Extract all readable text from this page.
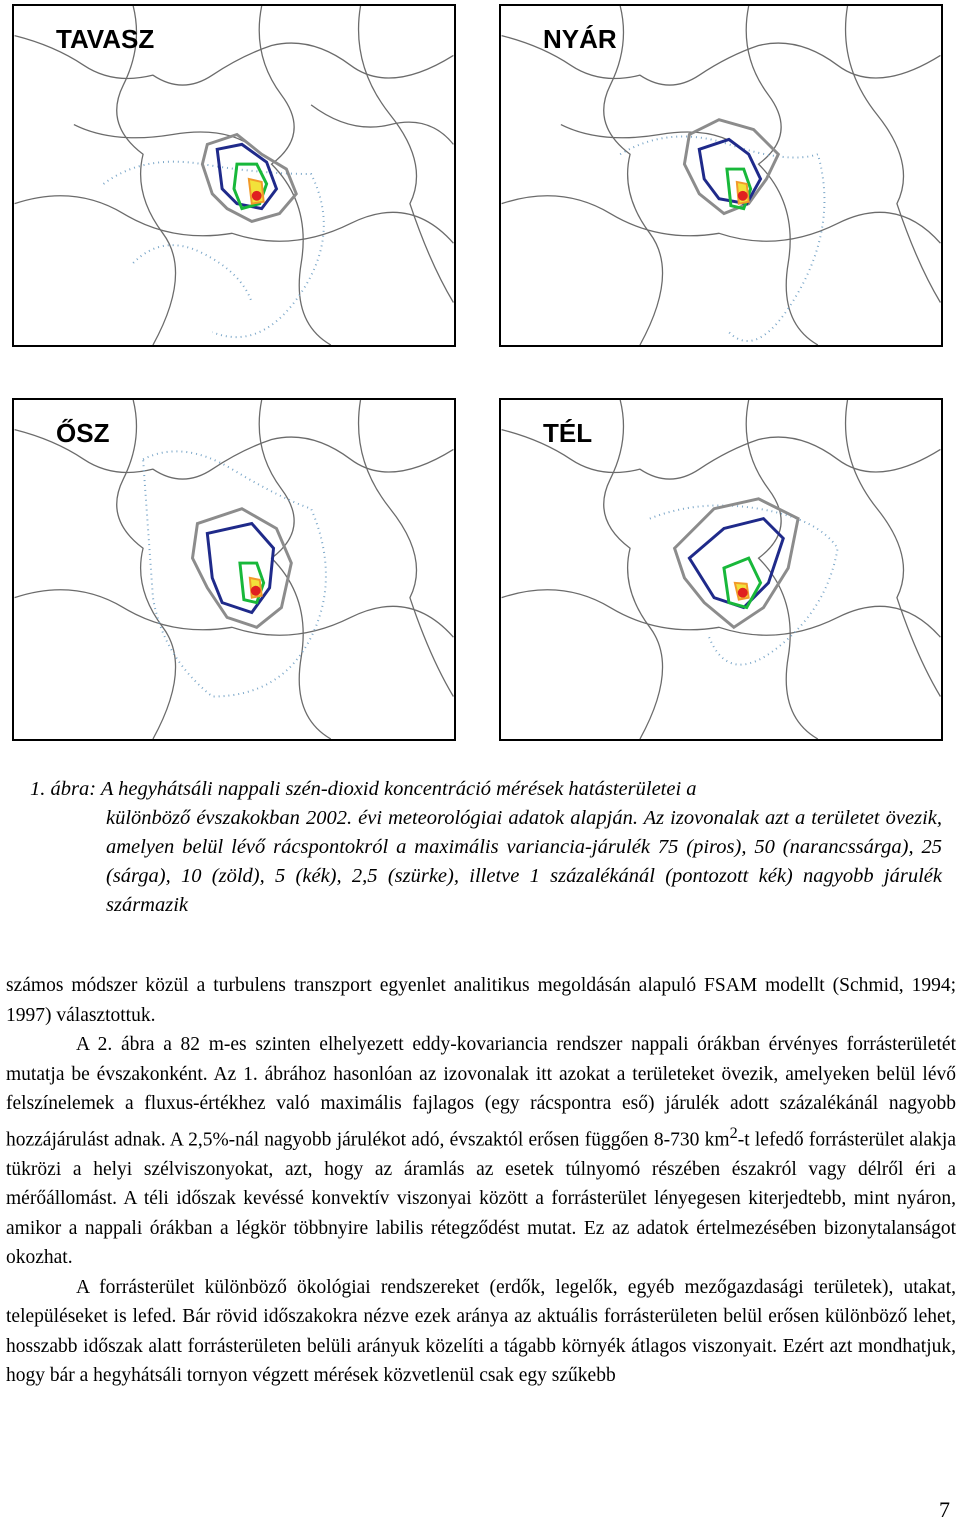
TAVASZ	NYÁR
ŐSZ	TÉL
1. ábra: A hegyhátsáli nappali szén-dioxid koncentráció mérések hatásterületei a
különböző évszakokban 2002. évi meteorológiai adatok alapján. Az izovonalak azt a területet övezik, amelyen belül lévő rácspontokról a maximális variancia-járulék 75 (piros), 50 (narancssárga), 25 (sárga), 10 (zöld), 5 (kék), 2,5 (szürke), illetve 1 százalékánál (pontozott kék) nagyobb járulék származik

számos módszer közül a turbulens transzport egyenlet analitikus megoldásán alapuló FSAM modellt (Schmid, 1994; 1997) választottuk.

A 2. ábra a 82 m-es szinten elhelyezett eddy-kovariancia rendszer nappali órákban érvényes forrásterületét mutatja be évszakonként. Az 1. ábrához hasonlóan az izovonalak itt azokat a területeket övezik, amelyeken belül lévő felszínelemek a fluxus-értékhez való maximális fajlagos (egy rácspontra eső) járulék adott százalékánál nagyobb hozzájárulást adnak. A 2,5%-nál nagyobb járulékot adó, évszaktól erősen függően 8-730 $km^2-t$ lefedő forrásterület alakja tükrözi a helyi szélviszonyokat, azt, hogy az áramlás az esetek túlnyomó részében északról vagy délről éri a mérőállomást. A téli időszak kevéssé konvektív viszonyai között a forrásterület lényegesen kiterjedtebb, mint nyáron, amikor a nappali órákban a légkör többnyire labilis rétegződést mutat. Ez az adatok értelmezésében bizonytalanságot okozhat.

A forrásterület különböző ökológiai rendszereket (erdők, legelők, egyéb mezőgazdasági területek), utakat, településeket is lefed. Bár rövid időszakokra nézve ezek aránya az aktuális forrásterületen belül erősen különböző lehet, hosszabb időszak alatt forrásterületen belüli arányuk közelíti a tágabb környék átlagos viszonyait. Ezért azt mondhatjuk, hogy bár a hegyhátsáli tornyon végzett mérések közvetlenül csak egy szűkebb

7
